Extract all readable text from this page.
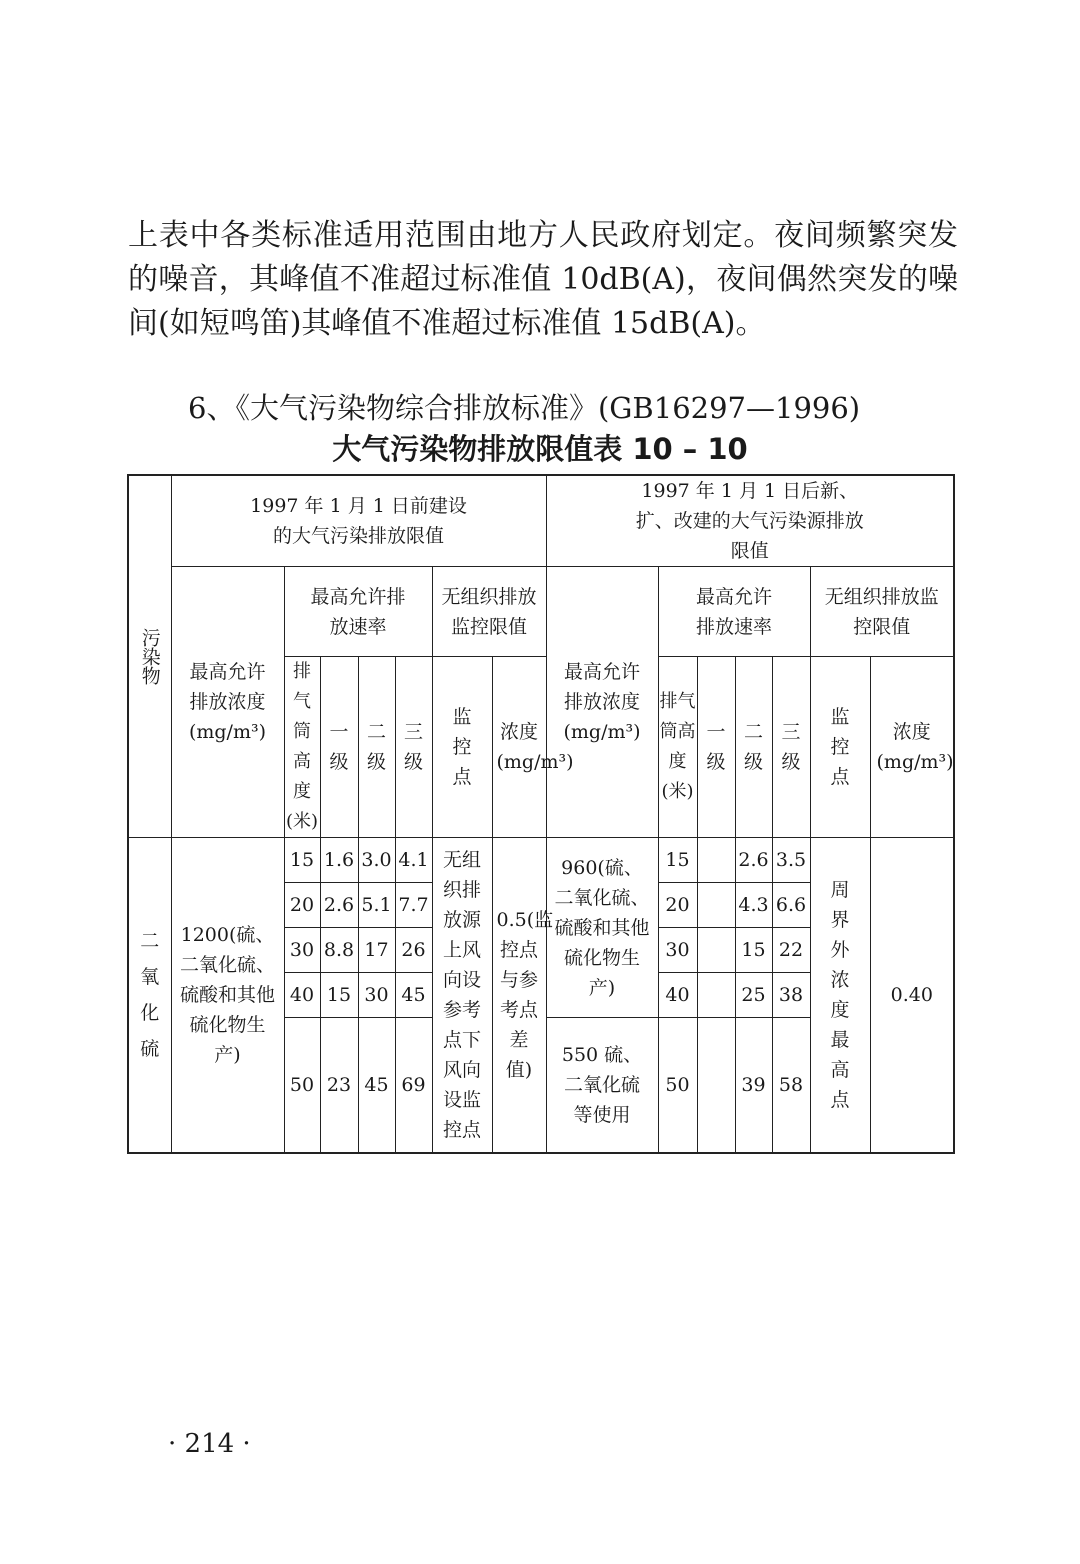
上表中各类标准适用范围由地方人民政府划定。夜间频繁突发的噪音，其峰值不准超过标准值 10dB(A)，夜间偶然突发的噪间(如短鸣笛)其峰值不准超过标准值 15dB(A)。

6、《大气污染物综合排放标准》(GB16297—1996)

大气污染物排放限值表 10 – 10

污染物	1997 年 1 月 1 日前建设的大气污染排放限值							1997 年 1 月 1 日后新、扩、改建的大气污染源排放限值						
	最高允许排放浓度(mg/m³)	最高允许排放速率				无组织排放监控限值		最高允许排放浓度(mg/m³)	最高允许排放速率				无组织排放监控限值	
		排气筒高度(米)	一级	二级	三级	监控点	浓度(mg/m³)		排气筒高度(米)	一级	二级	三级	监控点	浓度(mg/m³)
二氧化硫	1200(硫、二氧化硫、硫酸和其他硫化物生产)	15	1.6	3.0	4.1	无组织排放源上风向设参考点下风向设监控点	0.5(监控点与参考点差值)	960(硫、二氧化硫、硫酸和其他硫化物生产)	15		2.6	3.5	周界外浓度最高点	0.40
		20	2.6	5.1	7.7				20		4.3	6.6		
		30	8.8	17	26				30		15	22		
		40	15	30	45				40		25	38		
		50	23	45	69			550 硫、二氧化硫等使用	50		39	58		

· 214 ·
